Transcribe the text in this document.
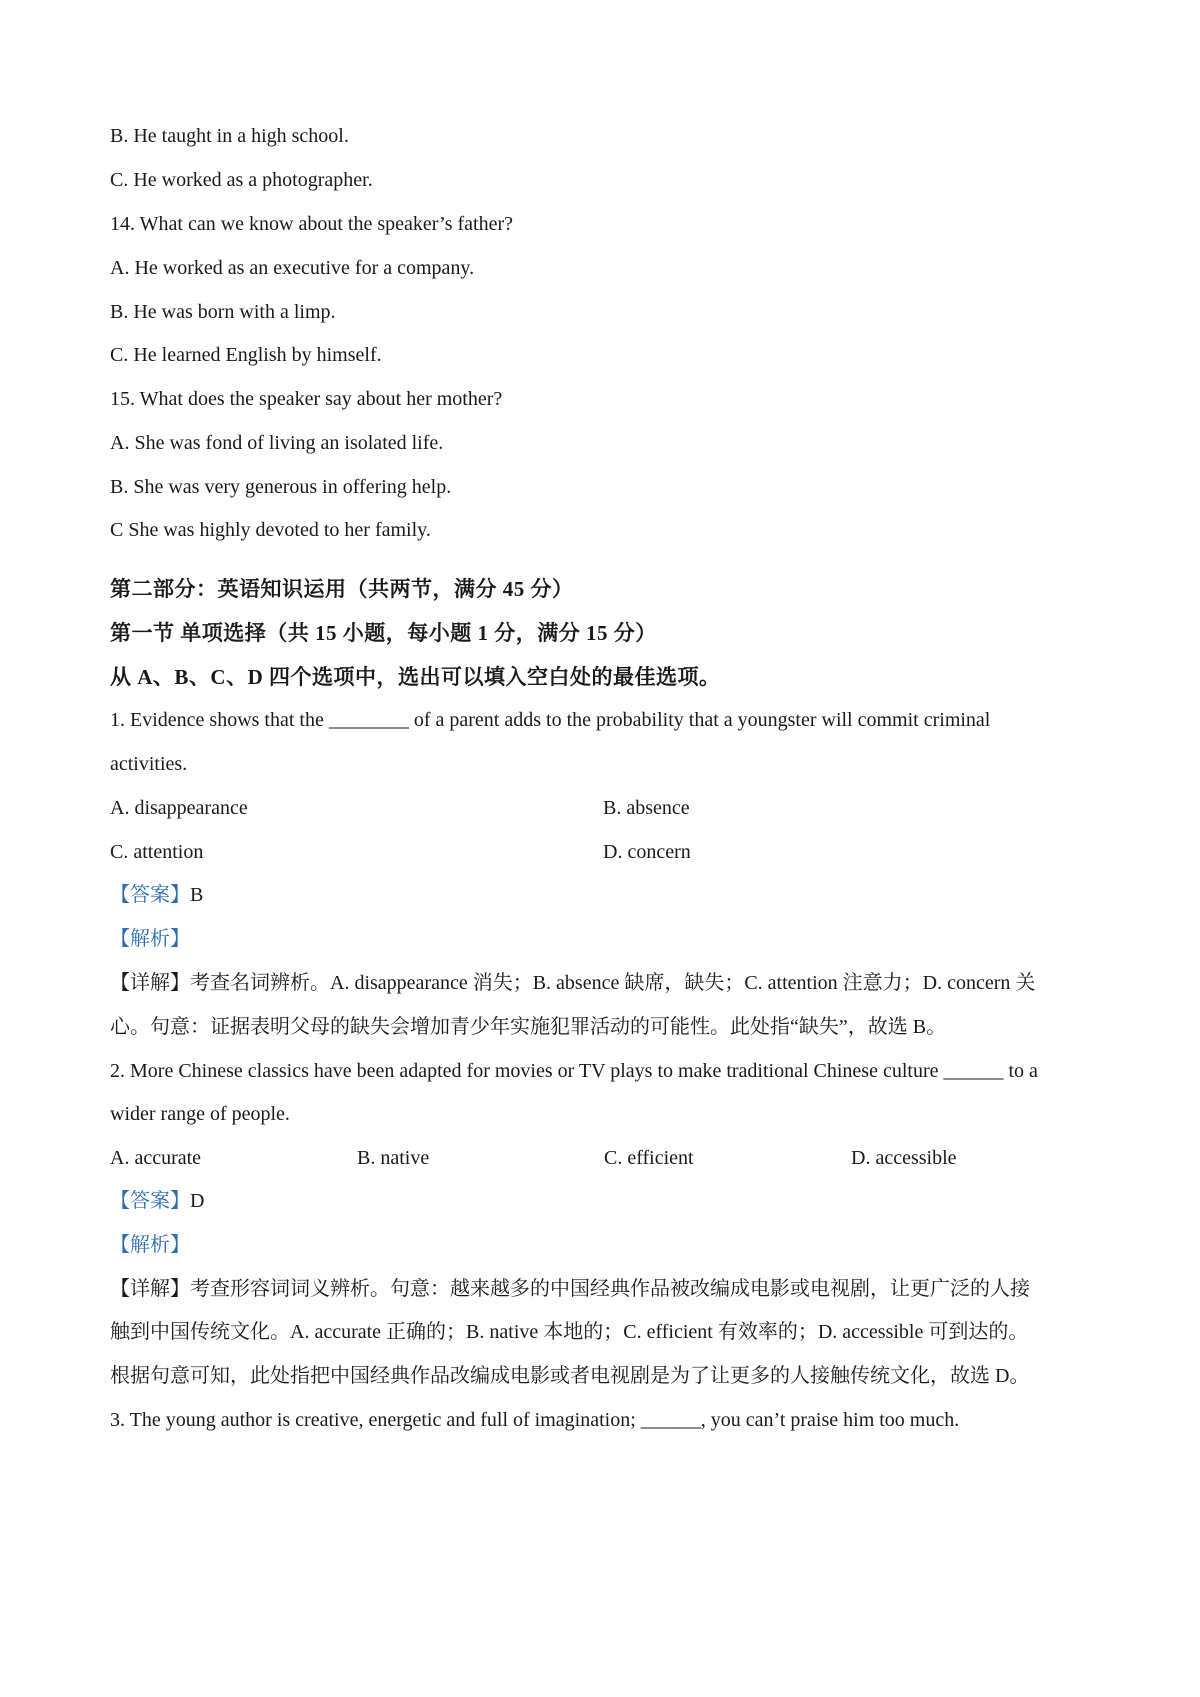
B. He taught in a high school.
C. He worked as a photographer.
14. What can we know about the speaker’s father?
A. He worked as an executive for a company.
B. He was born with a limp.
C. He learned English by himself.
15. What does the speaker say about her mother?
A. She was fond of living an isolated life.
B. She was very generous in offering help.
C She was highly devoted to her family.
第二部分：英语知识运用（共两节，满分 45 分）
第一节 单项选择（共 15 小题，每小题 1 分，满分 15 分）
从 A、B、C、D 四个选项中，选出可以填入空白处的最佳选项。
1. Evidence shows that the ________ of a parent adds to the probability that a youngster will commit criminal
activities.
A. disappearance	B. absence
C. attention	D. concern
【答案】B
【解析】
【详解】考查名词辨析。A. disappearance 消失；B. absence 缺席，缺失；C. attention 注意力；D. concern 关
心。句意：证据表明父母的缺失会增加青少年实施犯罪活动的可能性。此处指“缺失”，故选 B。
2. More Chinese classics have been adapted for movies or TV plays to make traditional Chinese culture ______ to a
wider range of people.
A. accurate	B. native	C. efficient	D. accessible
【答案】D
【解析】
【详解】考查形容词词义辨析。句意：越来越多的中国经典作品被改编成电影或电视剧，让更广泛的人接
触到中国传统文化。A. accurate 正确的；B. native 本地的；C. efficient 有效率的；D. accessible 可到达的。
根据句意可知，此处指把中国经典作品改编成电影或者电视剧是为了让更多的人接触传统文化，故选 D。
3. The young author is creative, energetic and full of imagination; ______, you can’t praise him too much.
